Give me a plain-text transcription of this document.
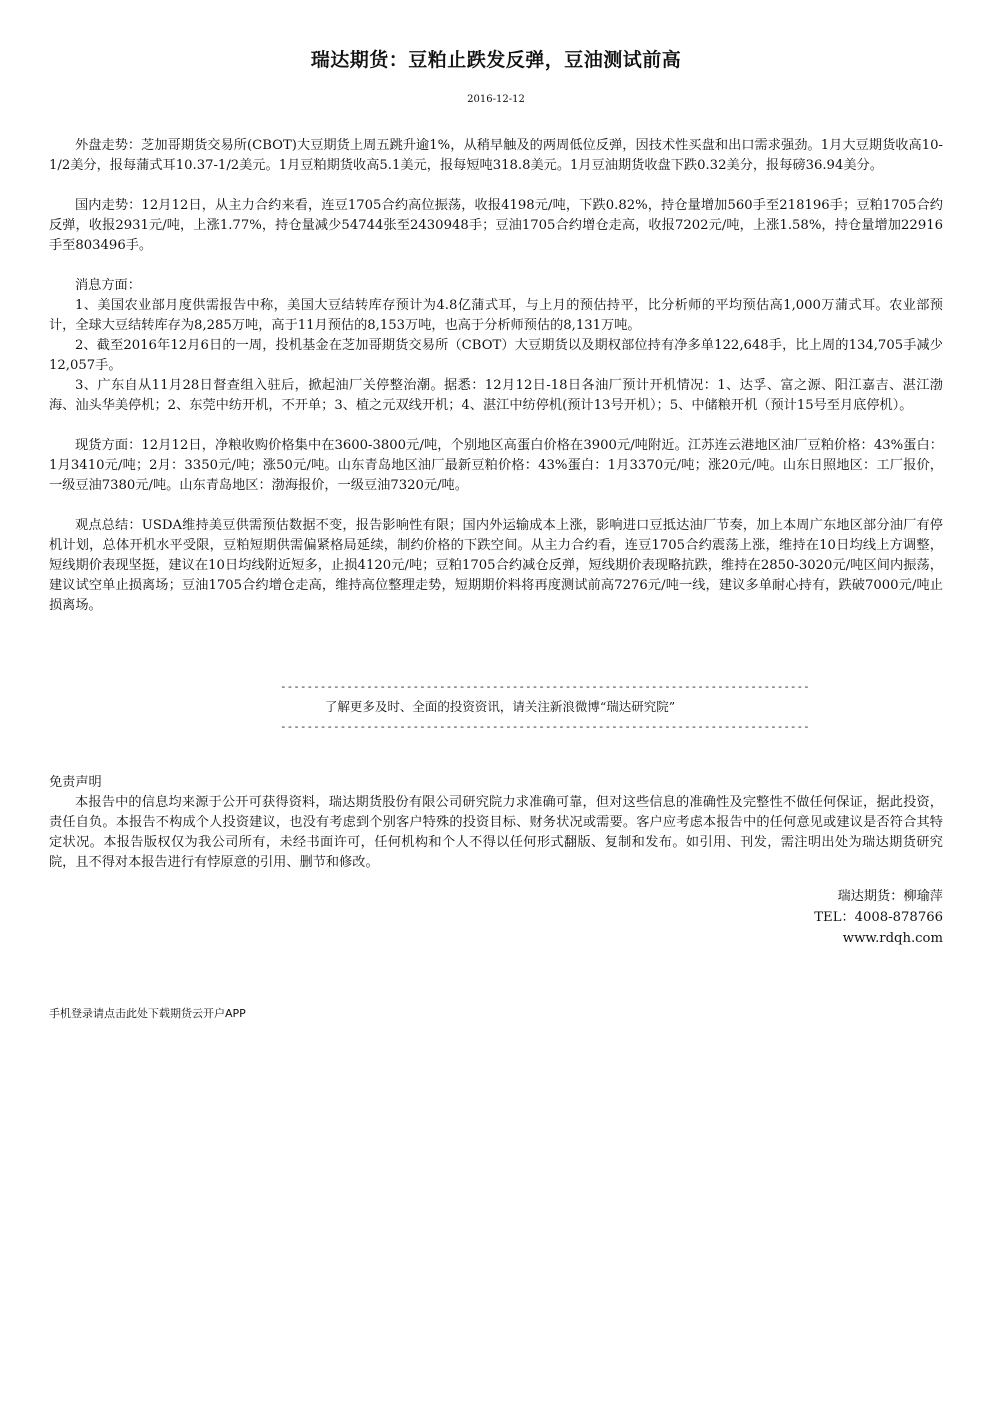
瑞达期货：豆粕止跌发反弹，豆油测试前高
2016-12-12

外盘走势：芝加哥期货交易所(CBOT)大豆期货上周五跳升逾1%，从稍早触及的两周低位反弹，因技术性买盘和出口需求强劲。1月大豆期货收高10-1/2美分，报每蒲式耳10.37-1/2美元。1月豆粕期货收高5.1美元，报每短吨318.8美元。1月豆油期货收盘下跌0.32美分，报每磅36.94美分。

国内走势：12月12日，从主力合约来看，连豆1705合约高位振荡，收报4198元/吨，下跌0.82%，持仓量增加560手至218196手；豆粕1705合约反弹，收报2931元/吨，上涨1.77%，持仓量减少54744张至2430948手；豆油1705合约增仓走高，收报7202元/吨，上涨1.58%，持仓量增加22916手至803496手。

消息方面：

1、美国农业部月度供需报告中称，美国大豆结转库存预计为4.8亿蒲式耳，与上月的预估持平，比分析师的平均预估高1,000万蒲式耳。农业部预计，全球大豆结转库存为8,285万吨，高于11月预估的8,153万吨，也高于分析师预估的8,131万吨。

2、截至2016年12月6日的一周，投机基金在芝加哥期货交易所（CBOT）大豆期货以及期权部位持有净多单122,648手，比上周的134,705手减少12,057手。

3、广东自从11月28日督查组入驻后，掀起油厂关停整治潮。据悉：12月12日-18日各油厂预计开机情况：1、达孚、富之源、阳江嘉吉、湛江渤海、汕头华美停机；2、东莞中纺开机，不开单；3、植之元双线开机；4、湛江中纺停机(预计13号开机）；5、中储粮开机（预计15号至月底停机）。

现货方面：12月12日，净粮收购价格集中在3600-3800元/吨，个别地区高蛋白价格在3900元/吨附近。江苏连云港地区油厂豆粕价格：43%蛋白：1月3410元/吨；2月：3350元/吨；涨50元/吨。山东青岛地区油厂最新豆粕价格：43%蛋白：1月3370元/吨；涨20元/吨。山东日照地区：工厂报价，一级豆油7380元/吨。山东青岛地区：渤海报价，一级豆油7320元/吨。

观点总结：USDA维持美豆供需预估数据不变，报告影响性有限；国内外运输成本上涨，影响进口豆抵达油厂节奏，加上本周广东地区部分油厂有停机计划，总体开机水平受限，豆粕短期供需偏紧格局延续，制约价格的下跌空间。从主力合约看，连豆1705合约震荡上涨，维持在10日均线上方调整，短线期价表现坚挺，建议在10日均线附近短多，止损4120元/吨；豆粕1705合约减仓反弹，短线期价表现略抗跌，维持在2850-3020元/吨区间内振荡，建议试空单止损离场；豆油1705合约增仓走高，维持高位整理走势，短期期价料将再度测试前高7276元/吨一线，建议多单耐心持有，跌破7000元/吨止损离场。

--------------------------------------------------------------------------------
了解更多及时、全面的投资资讯，请关注新浪微博“瑞达研究院”
--------------------------------------------------------------------------------

免责声明

本报告中的信息均来源于公开可获得资料，瑞达期货股份有限公司研究院力求准确可靠，但对这些信息的准确性及完整性不做任何保证，据此投资，责任自负。本报告不构成个人投资建议，也没有考虑到个别客户特殊的投资目标、财务状况或需要。客户应考虑本报告中的任何意见或建议是否符合其特定状况。本报告版权仅为我公司所有，未经书面许可，任何机构和个人不得以任何形式翻版、复制和发布。如引用、刊发，需注明出处为瑞达期货研究院，且不得对本报告进行有悖原意的引用、删节和修改。

瑞达期货：柳瑜萍
TEL：4008-878766
www.rdqh.com
手机登录请点击此处下载期货云开户APP
